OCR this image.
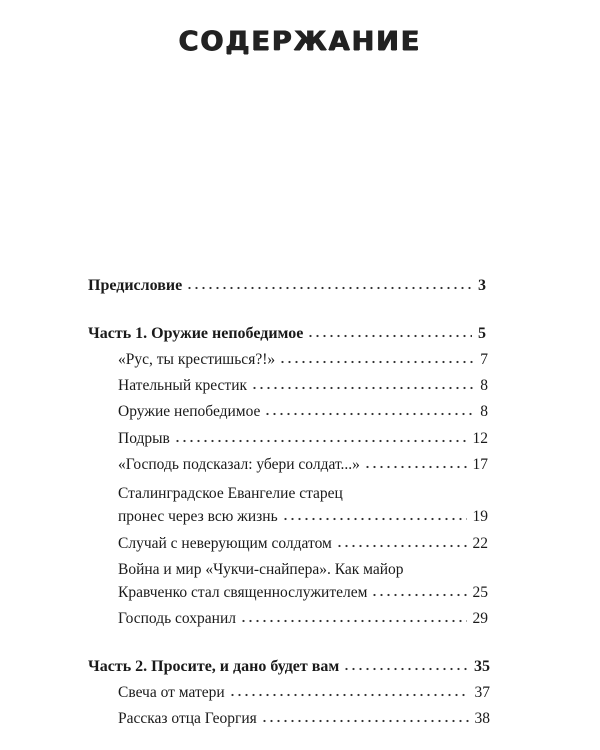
СОДЕРЖАНИЕ
Предисловие	3
Часть 1. Оружие непобедимое	5
«Рус, ты крестишься?!»	7
Нательный крестик	8
Оружие непобедимое	8
Подрыв	12
«Господь подсказал: убери солдат...»	17
Сталинградское Евангелие старец
пронес через всю жизнь	19
Случай с неверующим солдатом	22
Война и мир «Чукчи-снайпера». Как майор
Кравченко стал священнослужителем	25
Господь сохранил	29
Часть 2. Просите, и дано будет вам	35
Свеча от матери	37
Рассказ отца Георгия	38
